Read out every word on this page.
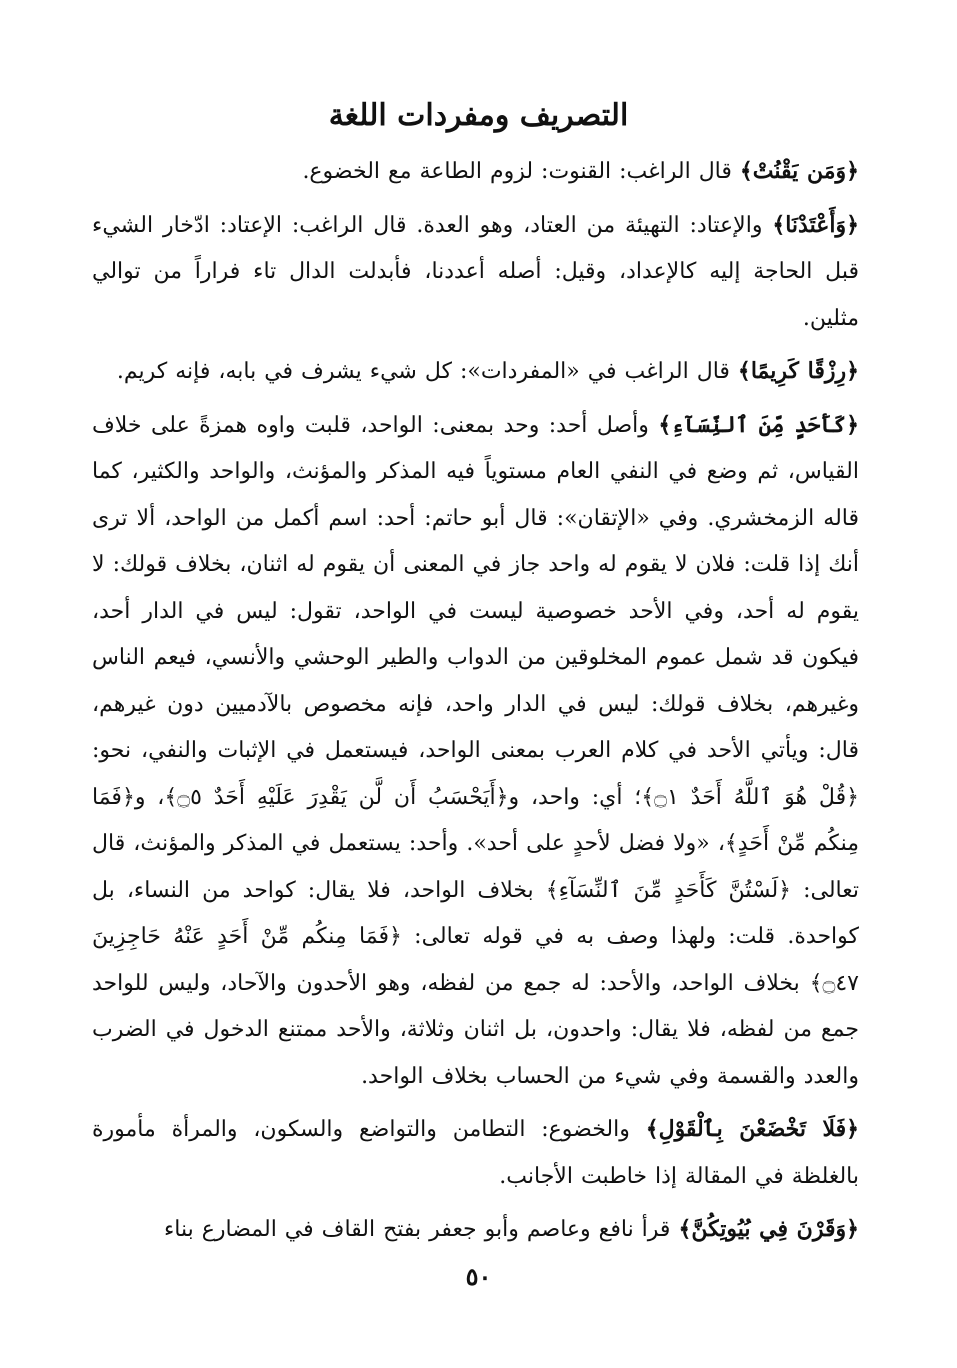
التصريف ومفردات اللغة

﴿وَمَن يَقْنُتْ﴾ قال الراغب: القنوت: لزوم الطاعة مع الخضوع.

﴿وَأَعْتَدْنَا﴾ والإعتاد: التهيئة من العتاد، وهو العدة. قال الراغب: الإعتاد: ادّخار الشيء قبل الحاجة إليه كالإعداد، وقيل: أصله أعددنا، فأبدلت الدال تاء فراراً من توالي مثلين.

﴿رِزْقًا كَرِيمًا﴾ قال الراغب في «المفردات»: كل شيء يشرف في بابه، فإنه كريم.

﴿كَأَحَدٍ مِّنَ ٱلنِّسَآءِ﴾ وأصل أحد: وحد بمعنى: الواحد، قلبت واوه همزةً على خلاف القياس، ثم وضع في النفي العام مستوياً فيه المذكر والمؤنث، والواحد والكثير، كما قاله الزمخشري. وفي «الإتقان»: قال أبو حاتم: أحد: اسم أكمل من الواحد، ألا ترى أنك إذا قلت: فلان لا يقوم له واحد جاز في المعنى أن يقوم له اثنان، بخلاف قولك: لا يقوم له أحد، وفي الأحد خصوصية ليست في الواحد، تقول: ليس في الدار أحد، فيكون قد شمل عموم المخلوقين من الدواب والطير الوحشي والأنسي، فيعم الناس وغيرهم، بخلاف قولك: ليس في الدار واحد، فإنه مخصوص بالآدميين دون غيرهم، قال: ويأتي الأحد في كلام العرب بمعنى الواحد، فيستعمل في الإثبات والنفي، نحو: ﴿قُلْ هُوَ ٱللَّهُ أَحَدٌ ۝١﴾؛ أي: واحد، و﴿أَيَحْسَبُ أَن لَّن يَقْدِرَ عَلَيْهِ أَحَدٌ ۝٥﴾، و﴿فَمَا مِنكُم مِّنْ أَحَدٍ﴾، «ولا فضل لأحدٍ على أحد». وأحد: يستعمل في المذكر والمؤنث، قال تعالى: ﴿لَسْتُنَّ كَأَحَدٍ مِّنَ ٱلنِّسَآءِ﴾ بخلاف الواحد، فلا يقال: كواحد من النساء، بل كواحدة. قلت: ولهذا وصف به في قوله تعالى: ﴿فَمَا مِنكُم مِّنْ أَحَدٍ عَنْهُ حَاجِزِينَ ۝٤٧﴾ بخلاف الواحد، والأحد: له جمع من لفظه، وهو الأحدون والآحاد، وليس للواحد جمع من لفظه، فلا يقال: واحدون، بل اثنان وثلاثة، والأحد ممتنع الدخول في الضرب والعدد والقسمة وفي شيء من الحساب بخلاف الواحد.

﴿فَلَا تَخْضَعْنَ بِٱلْقَوْلِ﴾ والخضوع: التطامن والتواضع والسكون، والمرأة مأمورة بالغلظة في المقالة إذا خاطبت الأجانب.

﴿وَقَرْنَ فِي بُيُوتِكُنَّ﴾ قرأ نافع وعاصم وأبو جعفر بفتح القاف في المضارع بناء

٥٠
